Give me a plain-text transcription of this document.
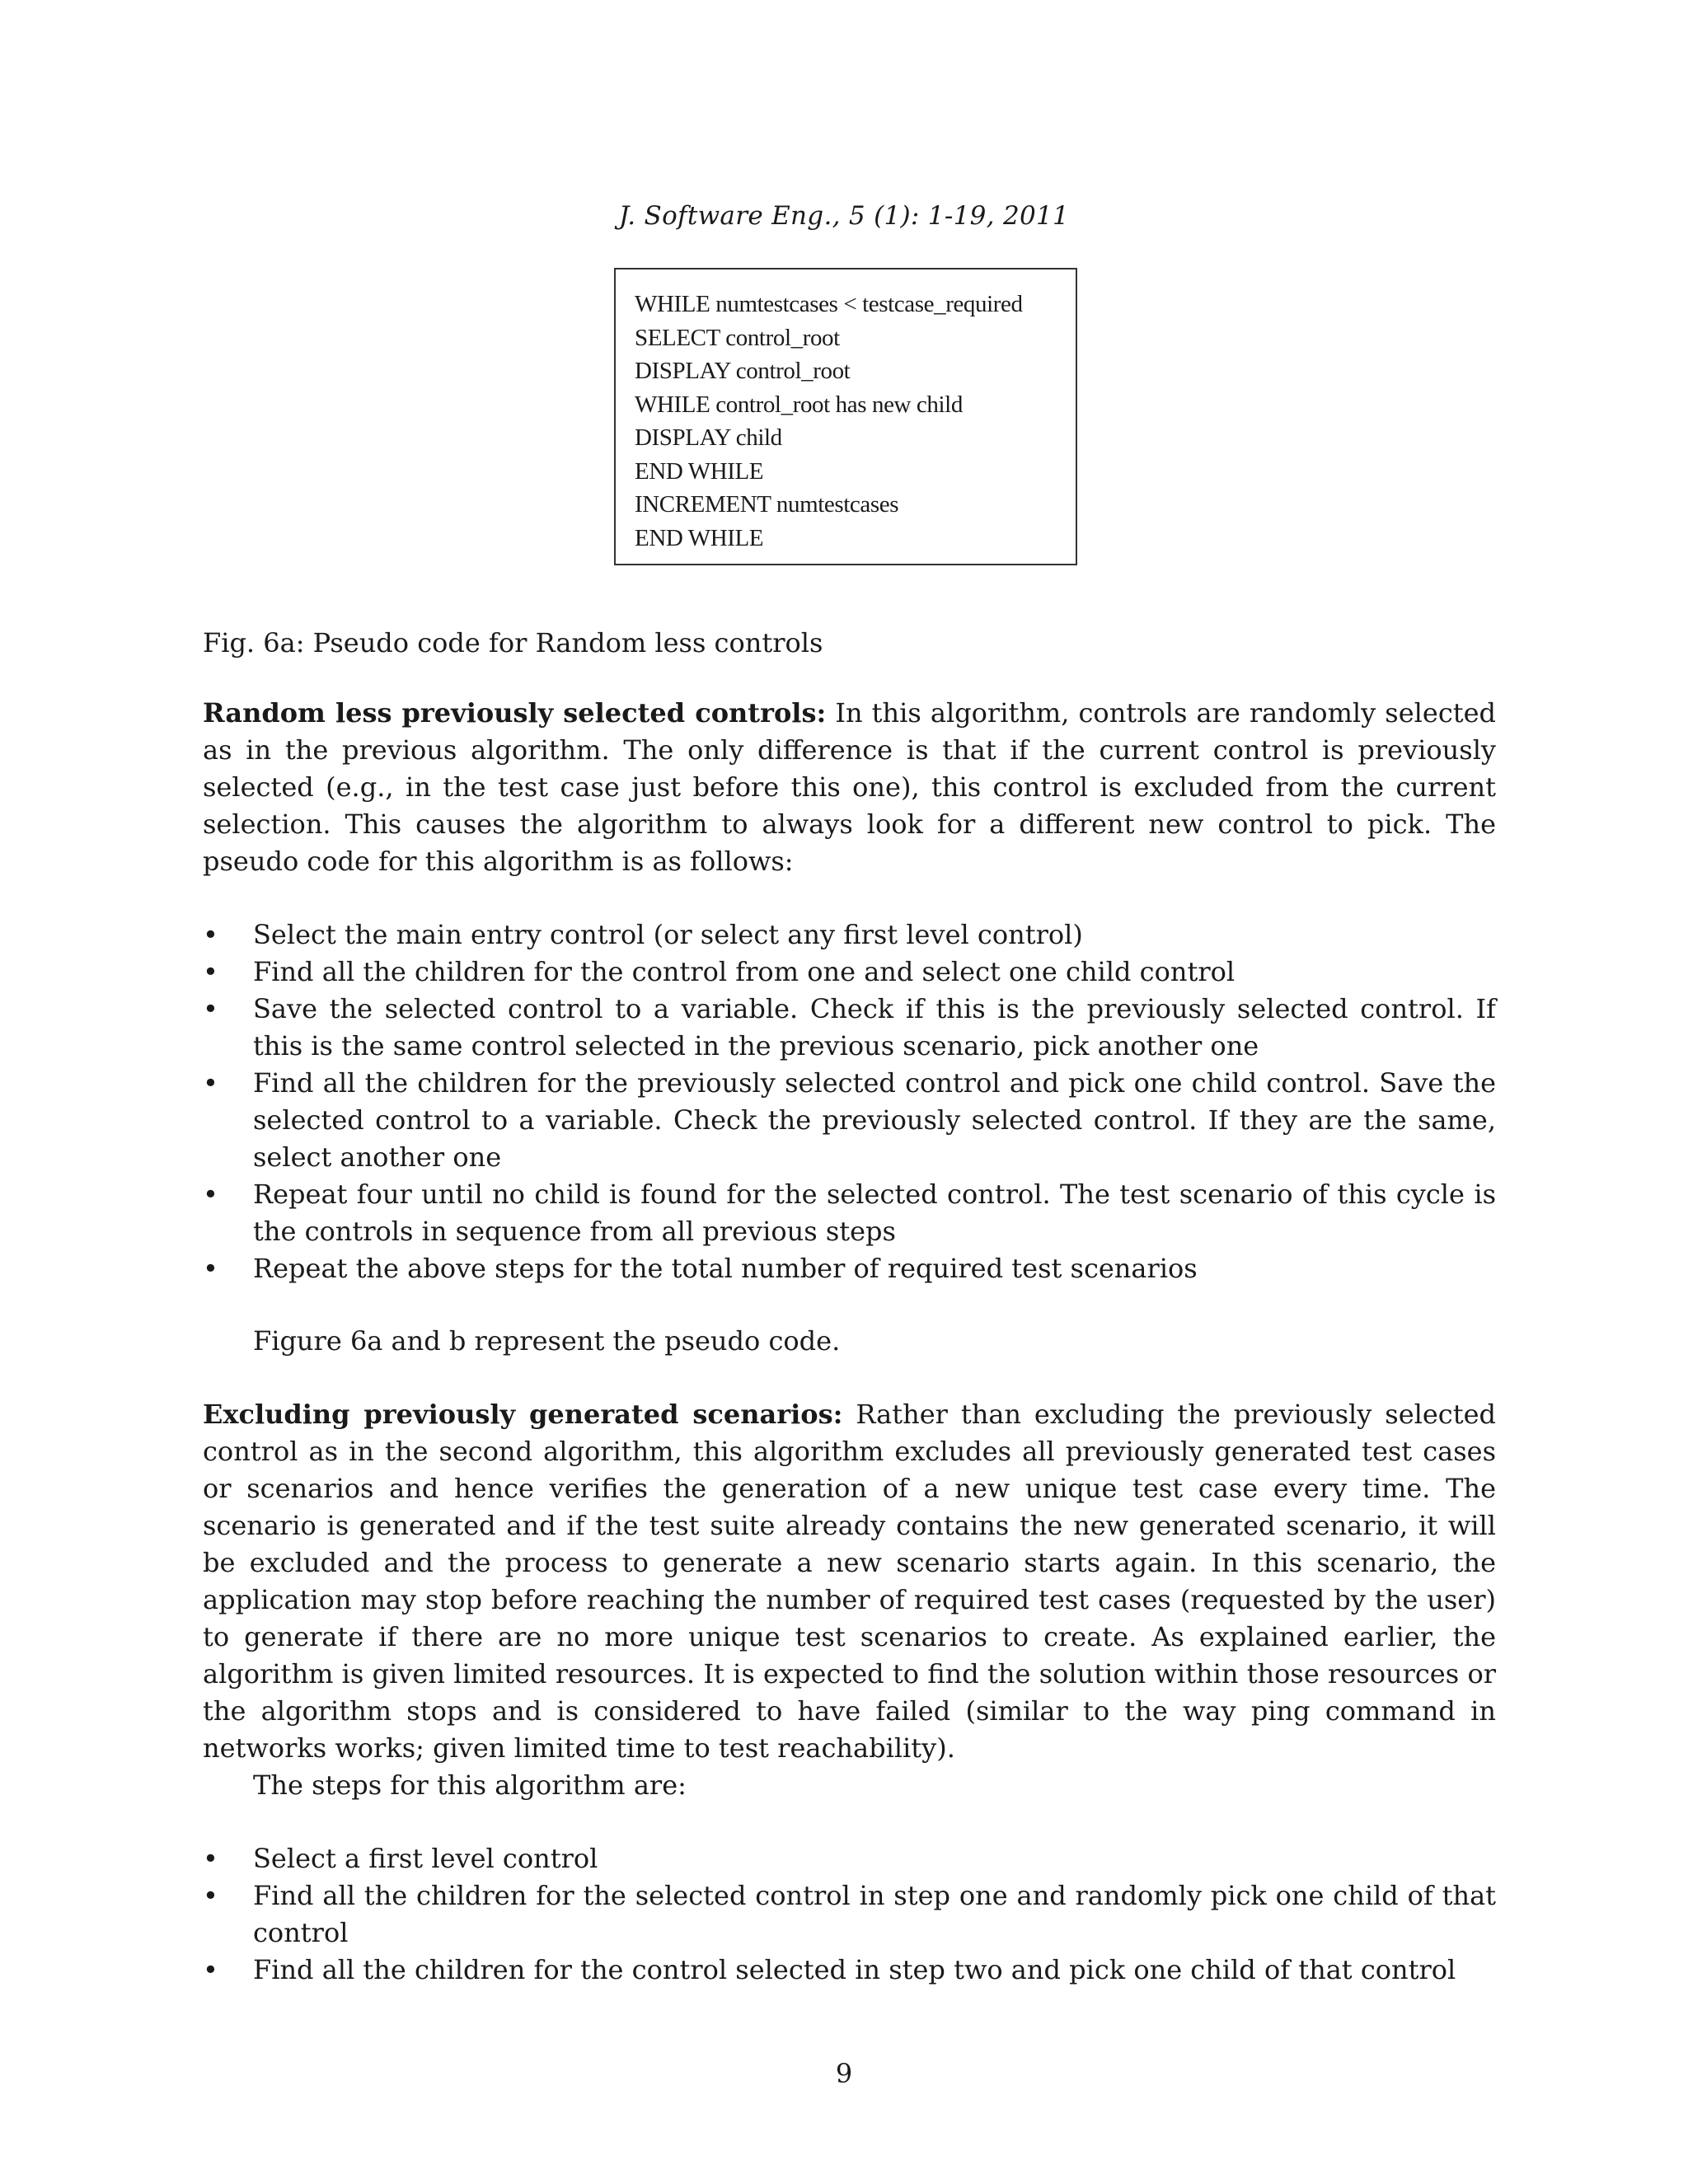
J. Software Eng., 5 (1): 1-19, 2011
WHILE numtestcases < testcase_required
SELECT control_root
DISPLAY control_root
WHILE control_root has new child
DISPLAY child
END WHILE
INCREMENT numtestcases
END WHILE
Fig. 6a: Pseudo code for Random less controls

Random less previously selected controls: In this algorithm, controls are randomly selected as in the previous algorithm. The only difference is that if the current control is previously selected (e.g., in the test case just before this one), this control is excluded from the current selection. This causes the algorithm to always look for a different new control to pick. The pseudo code for this algorithm is as follows:

• Select the main entry control (or select any first level control)
• Find all the children for the control from one and select one child control
• Save the selected control to a variable. Check if this is the previously selected control. If this is the same control selected in the previous scenario, pick another one
• Find all the children for the previously selected control and pick one child control. Save the selected control to a variable. Check the previously selected control. If they are the same, select another one
• Repeat four until no child is found for the selected control. The test scenario of this cycle is the controls in sequence from all previous steps
• Repeat the above steps for the total number of required test scenarios
Figure 6a and b represent the pseudo code.

Excluding previously generated scenarios: Rather than excluding the previously selected control as in the second algorithm, this algorithm excludes all previously generated test cases or scenarios and hence verifies the generation of a new unique test case every time. The scenario is generated and if the test suite already contains the new generated scenario, it will be excluded and the process to generate a new scenario starts again. In this scenario, the application may stop before reaching the number of required test cases (requested by the user) to generate if there are no more unique test scenarios to create. As explained earlier, the algorithm is given limited resources. It is expected to find the solution within those resources or the algorithm stops and is considered to have failed (similar to the way ping command in networks works; given limited time to test reachability).

The steps for this algorithm are:
• Select a first level control
• Find all the children for the selected control in step one and randomly pick one child of that control
• Find all the children for the control selected in step two and pick one child of that control
9
